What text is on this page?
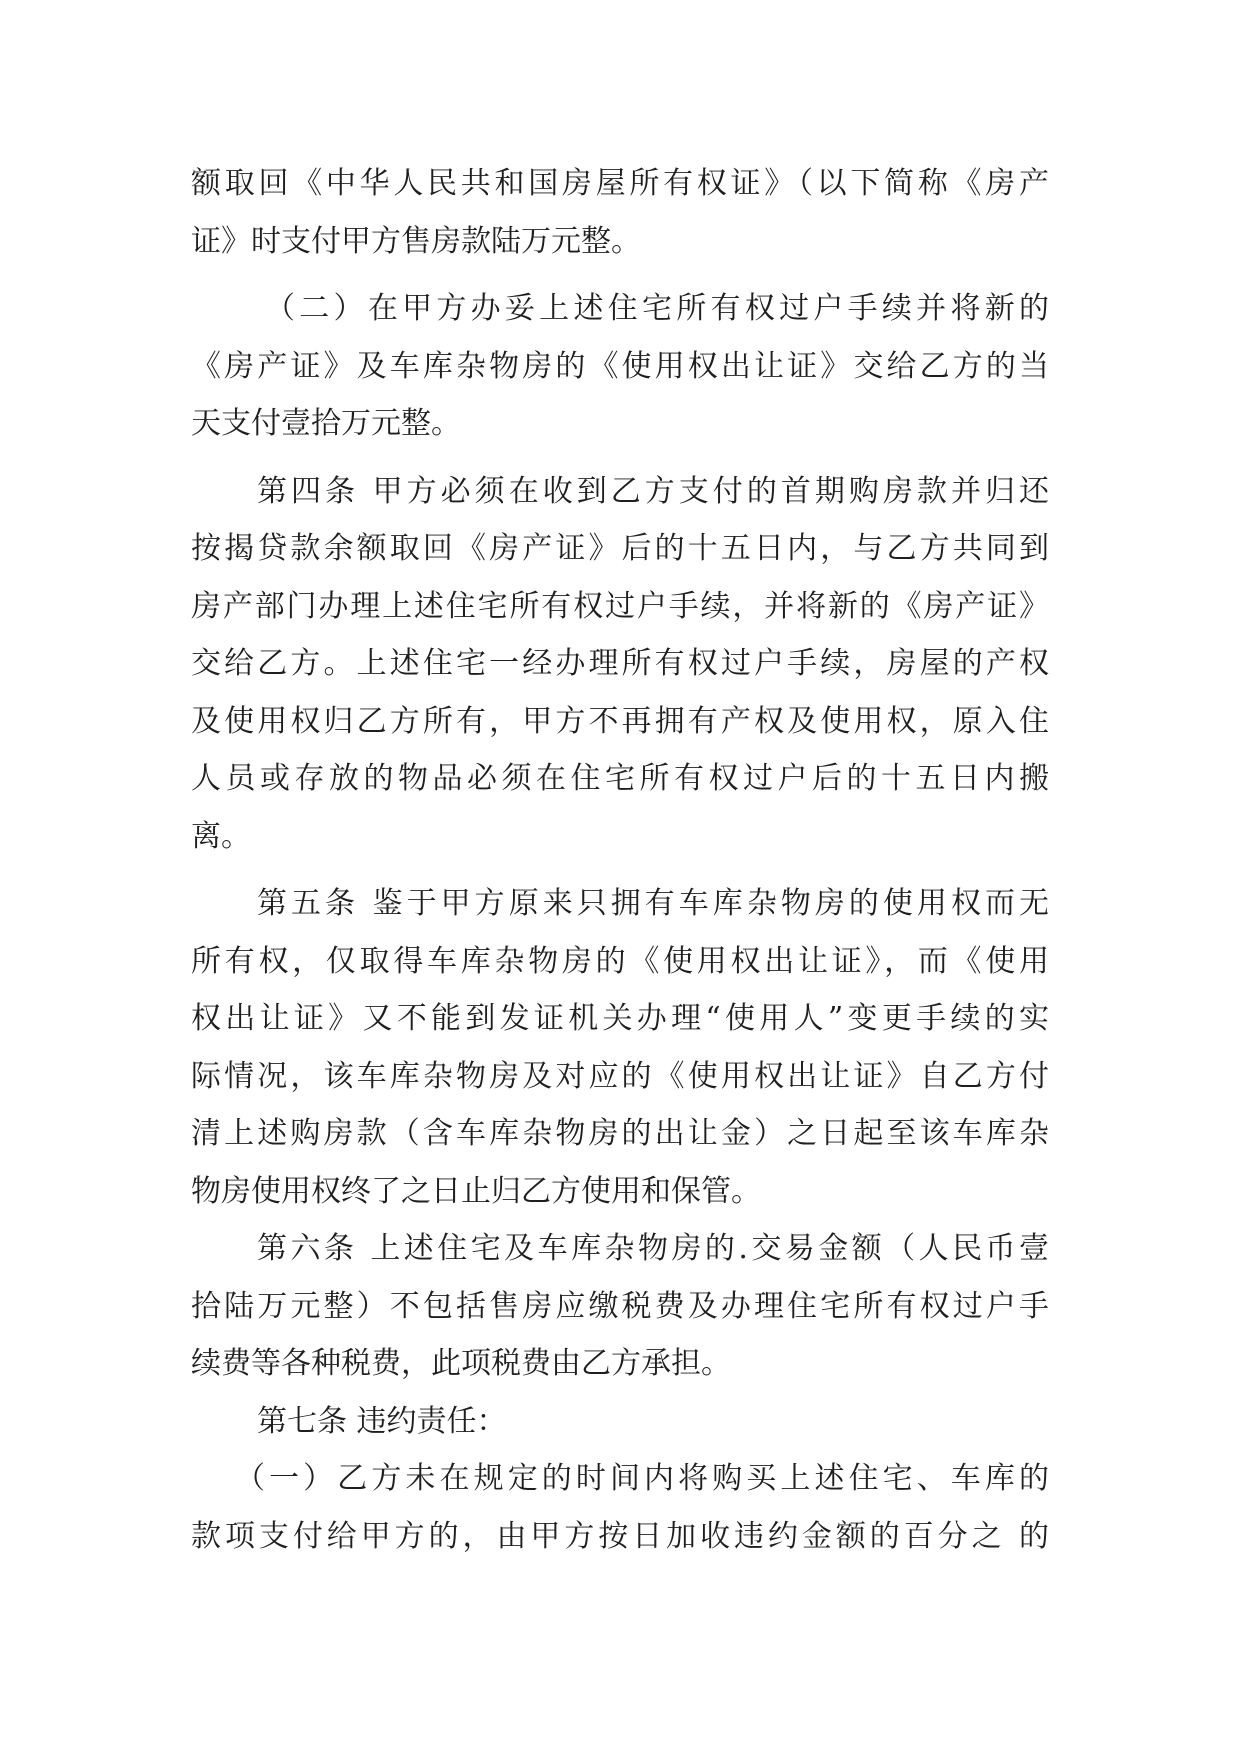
额取回《中华人民共和国房屋所有权证》（以下简称《房产
证》时支付甲方售房款陆万元整。
（二）在甲方办妥上述住宅所有权过户手续并将新的
《房产证》及车库杂物房的《使用权出让证》交给乙方的当
天支付壹拾万元整。
第四条 甲方必须在收到乙方支付的首期购房款并归还
按揭贷款余额取回《房产证》后的十五日内，与乙方共同到
房产部门办理上述住宅所有权过户手续，并将新的《房产证》
交给乙方。上述住宅一经办理所有权过户手续，房屋的产权
及使用权归乙方所有，甲方不再拥有产权及使用权，原入住
人员或存放的物品必须在住宅所有权过户后的十五日内搬
离。
第五条 鉴于甲方原来只拥有车库杂物房的使用权而无
所有权，仅取得车库杂物房的《使用权出让证》，而《使用
权出让证》又不能到发证机关办理“使用人”变更手续的实
际情况，该车库杂物房及对应的《使用权出让证》自乙方付
清上述购房款（含车库杂物房的出让金）之日起至该车库杂
物房使用权终了之日止归乙方使用和保管。
第六条 上述住宅及车库杂物房的.交易金额（人民币壹
拾陆万元整）不包括售房应缴税费及办理住宅所有权过户手
续费等各种税费，此项税费由乙方承担。
第七条 违约责任：
（一）乙方未在规定的时间内将购买上述住宅、车库的
款项支付给甲方的，由甲方按日加收违约金额的百分之 的
